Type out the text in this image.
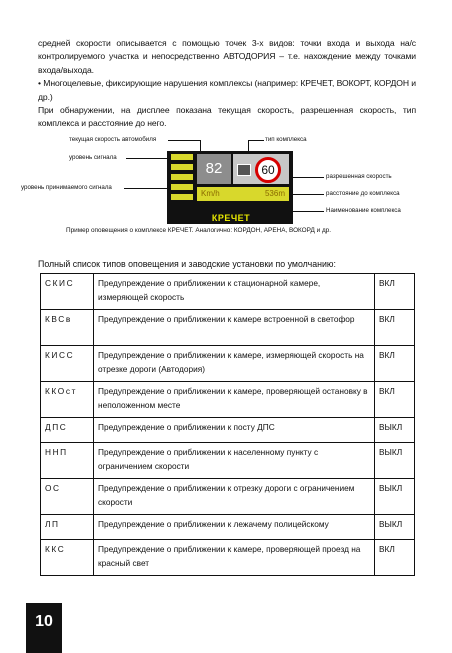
средней скорости описывается с помощью точек 3-х видов: точки входа и выхода на/с контролируемого участка и непосредственно АВТОДОРИЯ – т.е. нахождение между точками входа/выхода.

• Многоцелевые, фиксирующие нарушения комплексы (например: КРЕЧЕТ, ВОКОРТ, КОРДОН и др.)

При обнаружении, на дисплее показана текущая скорость, разрешенная скорость, тип комплекса и расстояние до него.

текущая скорость автомобиля
уровень сигнала
уровень принимаемого сигнала
тип комплекса
разрешенная скорость
расстояние до комплекса
Наименование комплекса
82	60
Km/h	536m
КРЕЧЕТ
Пример оповещения о комплексе КРЕЧЕТ. Аналогично: КОРДОН, АРЕНА, ВОКОРД и др.
Полный список типов оповещения и заводские установки по умолчанию:
СКИС	Предупреждение о приближении к стационарной камере, измеряющей скорость	ВКЛ
КВСв	Предупреждение о приближении к камере встроенной в светофор	ВКЛ
КИСС	Предупреждение о приближении к камере, измеряющей скорость на отрезке дороги (Автодория)	ВКЛ
ККОст	Предупреждение о приближении к камере, проверяющей остановку в неположенном месте	ВКЛ
ДПС	Предупреждение о приближении к посту ДПС	ВЫКЛ
ННП	Предупреждение о приближении к населенному пункту с ограничением скорости	ВЫКЛ
ОС	Предупреждение о приближении к отрезку дороги с ограничением скорости	ВЫКЛ
ЛП	Предупреждение о приближении к лежачему полицейскому	ВЫКЛ
ККС	Предупреждение о приближении к камере, проверяющей проезд на красный свет	ВКЛ
10
